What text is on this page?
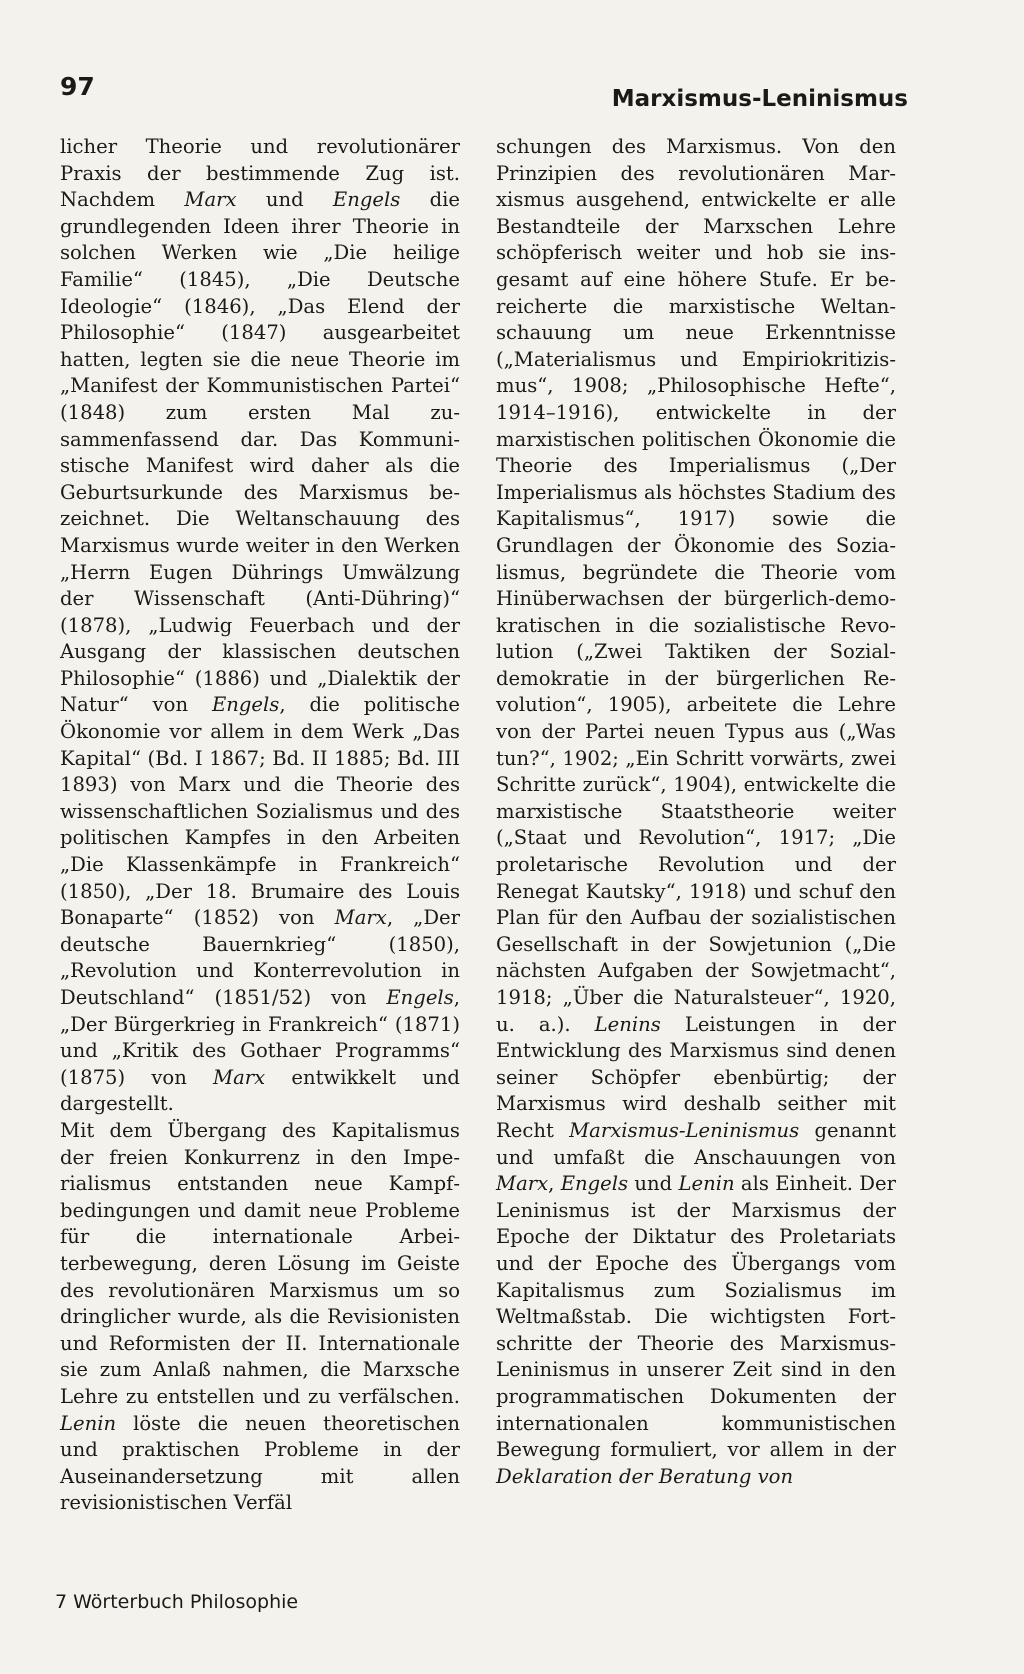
97	Marxismus-Leninismus

licher Theorie und revolutionärer Praxis der bestimmende Zug ist. Nachdem Marx und Engels die grundlegenden Ideen ihrer Theorie in solchen Werken wie „Die heilige Familie“ (1845), „Die Deutsche Ideologie“ (1846), „Das Elend der Philosophie“ (1847) ausgearbeitet hatten, legten sie die neue Theorie im „Manifest der Kommunistischen Partei“ (1848) zum ersten Mal zusammenfassend dar. Das Kommunistische Manifest wird daher als die Geburtsurkunde des Marxismus bezeichnet. Die Weltanschauung des Marxismus wurde weiter in den Werken „Herrn Eugen Dührings Umwälzung der Wissenschaft (Anti-Dühring)“ (1878), „Ludwig Feuerbach und der Ausgang der klassischen deutschen Philosophie“ (1886) und „Dialektik der Natur“ von Engels, die politische Ökonomie vor allem in dem Werk „Das Kapital“ (Bd. I 1867; Bd. II 1885; Bd. III 1893) von Marx und die Theorie des wissenschaftlichen Sozialismus und des politischen Kampfes in den Arbeiten „Die Klassenkämpfe in Frankreich“ (1850), „Der 18. Brumaire des Louis Bonaparte“ (1852) von Marx, „Der deutsche Bauernkrieg“ (1850), „Revolution und Konterrevolution in Deutschland“ (1851/52) von Engels, „Der Bürgerkrieg in Frankreich“ (1871) und „Kritik des Gothaer Programms“ (1875) von Marx entwikkelt und dargestellt.

Mit dem Übergang des Kapitalismus der freien Konkurrenz in den Imperialismus entstanden neue Kampfbedingungen und damit neue Probleme für die internationale Arbeiterbewegung, deren Lösung im Geiste des revolutionären Marxismus um so dringlicher wurde, als die Revisionisten und Reformisten der II. Internationale sie zum Anlaß nahmen, die Marxsche Lehre zu entstellen und zu verfälschen. Lenin löste die neuen theoretischen und praktischen Probleme in der Auseinandersetzung mit allen revisionistischen Verfäl

schungen des Marxismus. Von den Prinzipien des revolutionären Marxismus ausgehend, entwickelte er alle Bestandteile der Marxschen Lehre schöpferisch weiter und hob sie insgesamt auf eine höhere Stufe. Er bereicherte die marxistische Weltanschauung um neue Erkenntnisse („Materialismus und Empiriokritizismus“, 1908; „Philosophische Hefte“, 1914–1916), entwickelte in der marxistischen politischen Ökonomie die Theorie des Imperialismus („Der Imperialismus als höchstes Stadium des Kapitalismus“, 1917) sowie die Grundlagen der Ökonomie des Sozialismus, begründete die Theorie vom Hinüberwachsen der bürgerlich-demokratischen in die sozialistische Revolution („Zwei Taktiken der Sozialdemokratie in der bürgerlichen Revolution“, 1905), arbeitete die Lehre von der Partei neuen Typus aus („Was tun?“, 1902; „Ein Schritt vorwärts, zwei Schritte zurück“, 1904), entwickelte die marxistische Staatstheorie weiter („Staat und Revolution“, 1917; „Die proletarische Revolution und der Renegat Kautsky“, 1918) und schuf den Plan für den Aufbau der sozialistischen Gesellschaft in der Sowjetunion („Die nächsten Aufgaben der Sowjetmacht“, 1918; „Über die Naturalsteuer“, 1920, u. a.). Lenins Leistungen in der Entwicklung des Marxismus sind denen seiner Schöpfer ebenbürtig; der Marxismus wird deshalb seither mit Recht Marxismus-Leninismus genannt und umfaßt die Anschauungen von Marx, Engels und Lenin als Einheit. Der Leninismus ist der Marxismus der Epoche der Diktatur des Proletariats und der Epoche des Übergangs vom Kapitalismus zum Sozialismus im Weltmaßstab. Die wichtigsten Fortschritte der Theorie des Marxismus-Leninismus in unserer Zeit sind in den programmatischen Dokumenten der internationalen kommunistischen Bewegung formuliert, vor allem in der Deklaration der Beratung von

7 Wörterbuch Philosophie
